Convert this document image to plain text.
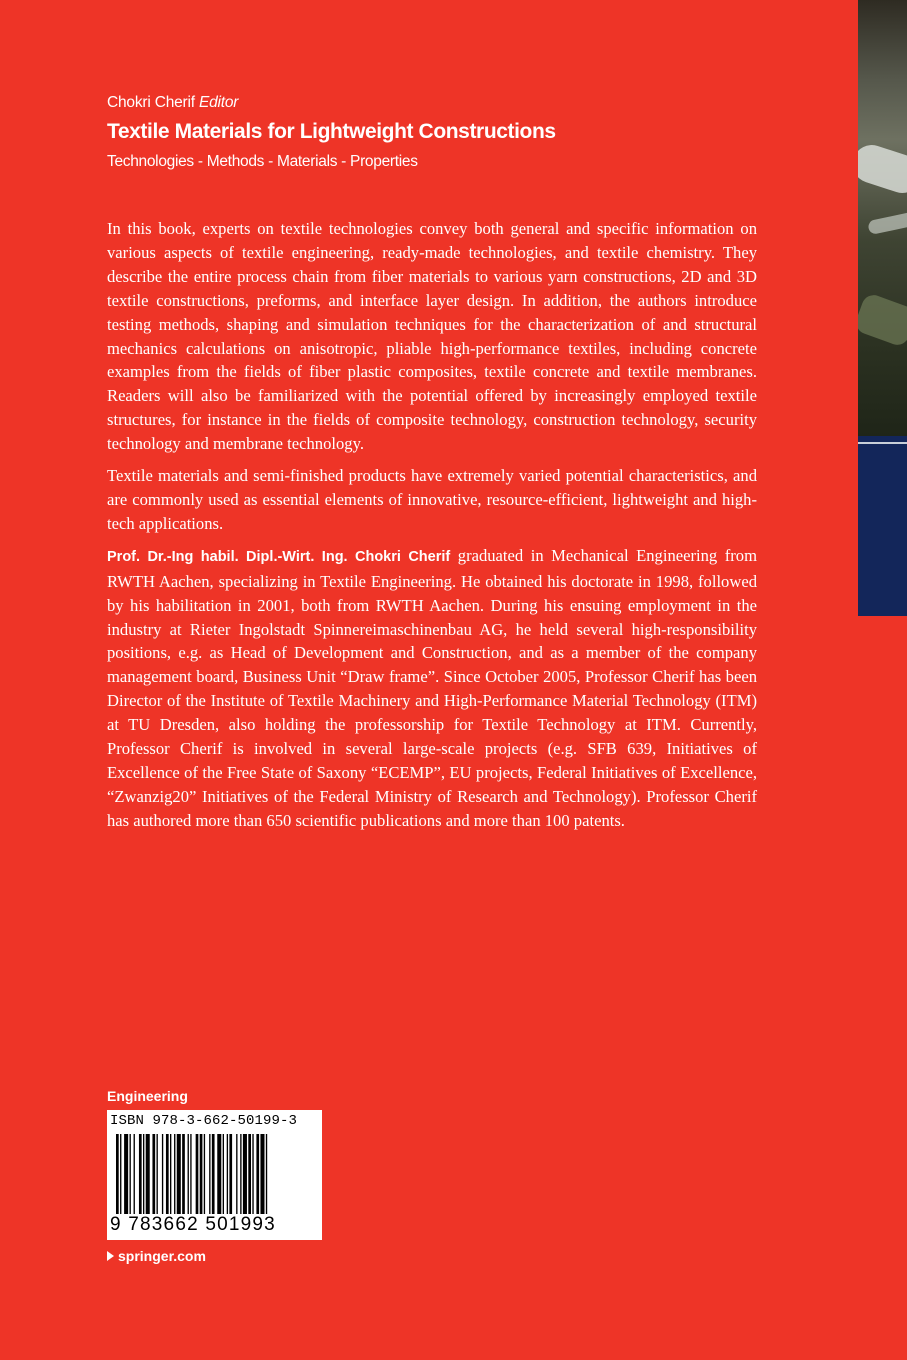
Chokri Cherif Editor
Textile Materials for Lightweight Constructions
Technologies - Methods - Materials - Properties

In this book, experts on textile technologies convey both general and specific information on various aspects of textile engineering, ready-made technologies, and textile chemistry. They describe the entire process chain from fiber materials to various yarn constructions, 2D and 3D textile constructions, preforms, and interface layer design. In addition, the authors introduce testing methods, shaping and simulation techniques for the characterization of and structural mechanics calculations on anisotropic, pliable high-performance textiles, including concrete examples from the fields of fiber plastic composites, textile concrete and textile membranes. Readers will also be familiarized with the potential offered by increasingly employed textile structures, for instance in the fields of composite technology, construction technology, security technology and membrane technology.

Textile materials and semi-finished products have extremely varied potential characteristics, and are commonly used as essential elements of innovative, resource-efficient, lightweight and high-tech applications.

Prof. Dr.-Ing habil. Dipl.-Wirt. Ing. Chokri Cherif graduated in Mechanical Engineering from RWTH Aachen, specializing in Textile Engineering. He obtained his doctorate in 1998, followed by his habilitation in 2001, both from RWTH Aachen. During his ensuing employment in the industry at Rieter Ingolstadt Spinnereimaschinenbau AG, he held several high-responsibility positions, e.g. as Head of Development and Construction, and as a member of the company management board, Business Unit “Draw frame”. Since October 2005, Professor Cherif has been Director of the Institute of Textile Machinery and High-Performance Material Technology (ITM) at TU Dresden, also holding the professorship for Textile Technology at ITM. Currently, Professor Cherif is involved in several large-scale projects (e.g. SFB 639, Initiatives of Excellence of the Free State of Saxony “ECEMP”, EU projects, Federal Initiatives of Excellence, “Zwanzig20” Initiatives of the Federal Ministry of Research and Technology). Professor Cherif has authored more than 650 scientific publications and more than 100 patents.

Engineering
ISBN 978-3-662-50199-3
9 783662 501993
springer.com
